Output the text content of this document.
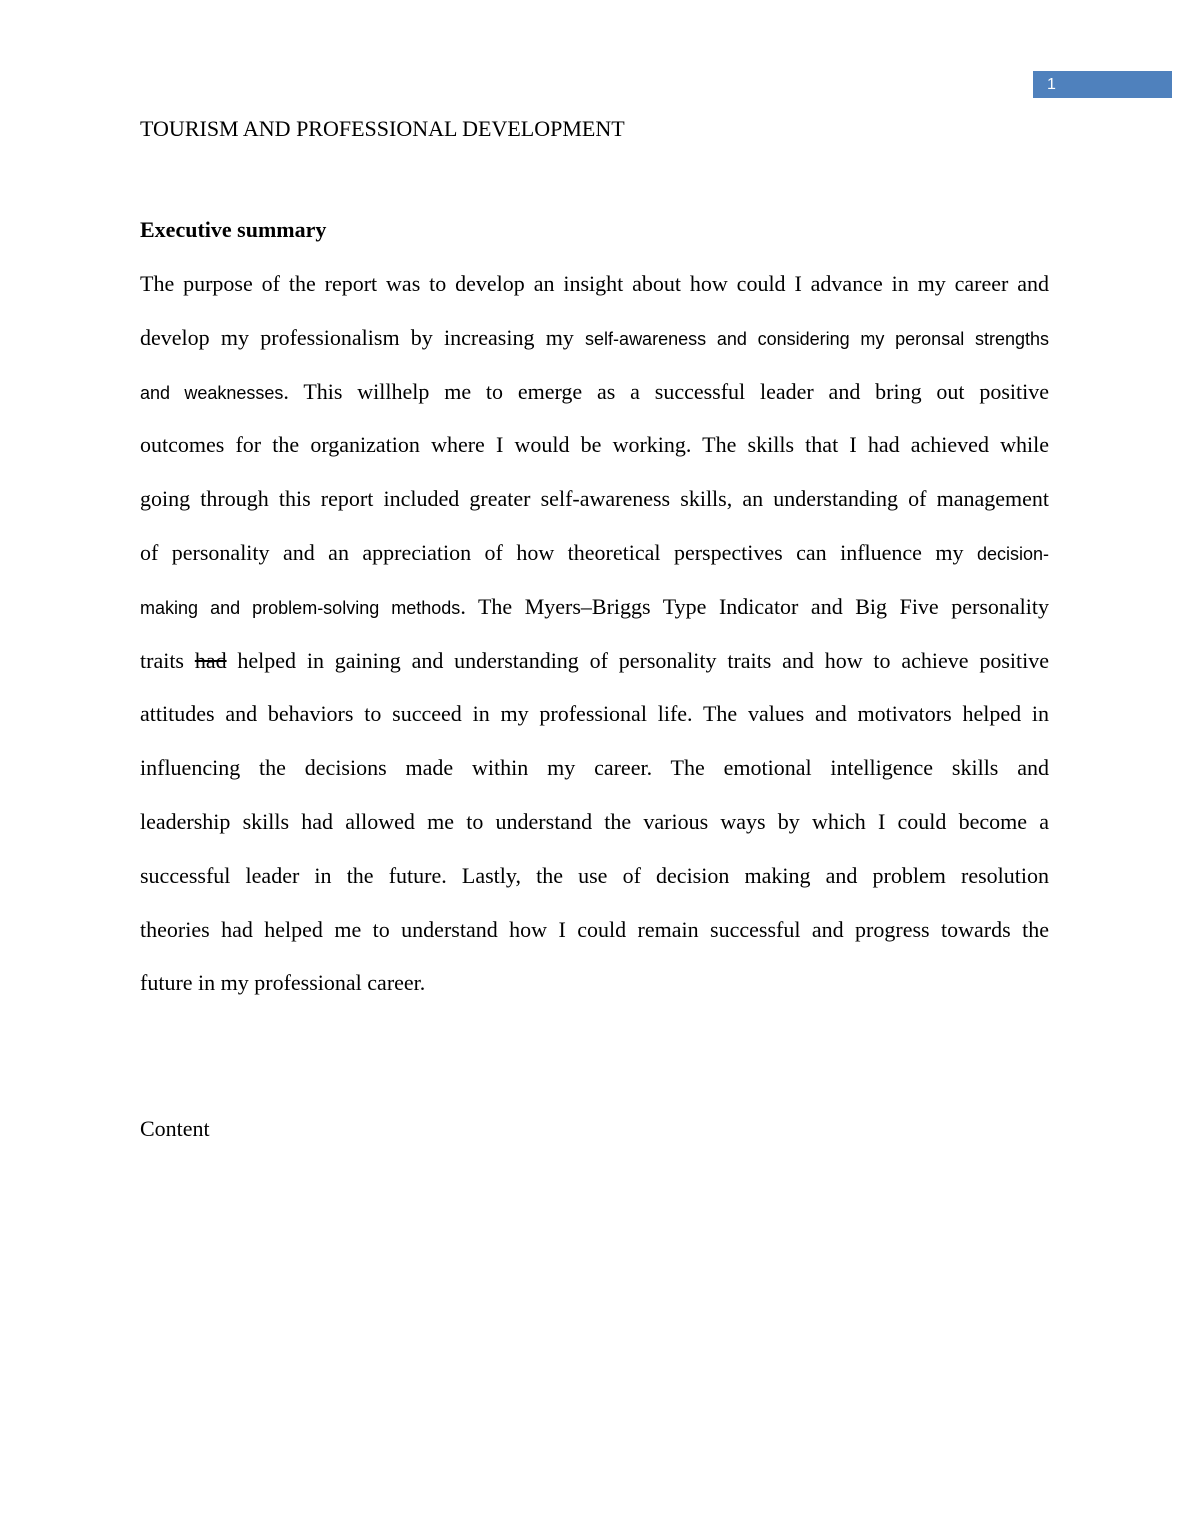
1
TOURISM AND PROFESSIONAL DEVELOPMENT
Executive summary
The purpose of the report was to develop an insight about how could I advance in my career and
develop my professionalism by increasing my self-awareness and considering my peronsal strengths
and weaknesses. This willhelp me to emerge as a successful leader and bring out positive
outcomes for the organization where I would be working. The skills that I had achieved while
going through this report included greater self-awareness skills, an understanding of management
of personality and an appreciation of how theoretical perspectives can influence my decision-
making and problem-solving methods. The Myers–Briggs Type Indicator and Big Five personality
traits had helped in gaining and understanding of personality traits and how to achieve positive
attitudes and behaviors to succeed in my professional life. The values and motivators helped in
influencing the decisions made within my career. The emotional intelligence skills and
leadership skills had allowed me to understand the various ways by which I could become a
successful leader in the future. Lastly, the use of decision making and problem resolution
theories had helped me to understand how I could remain successful and progress towards the
future in my professional career.
Content
